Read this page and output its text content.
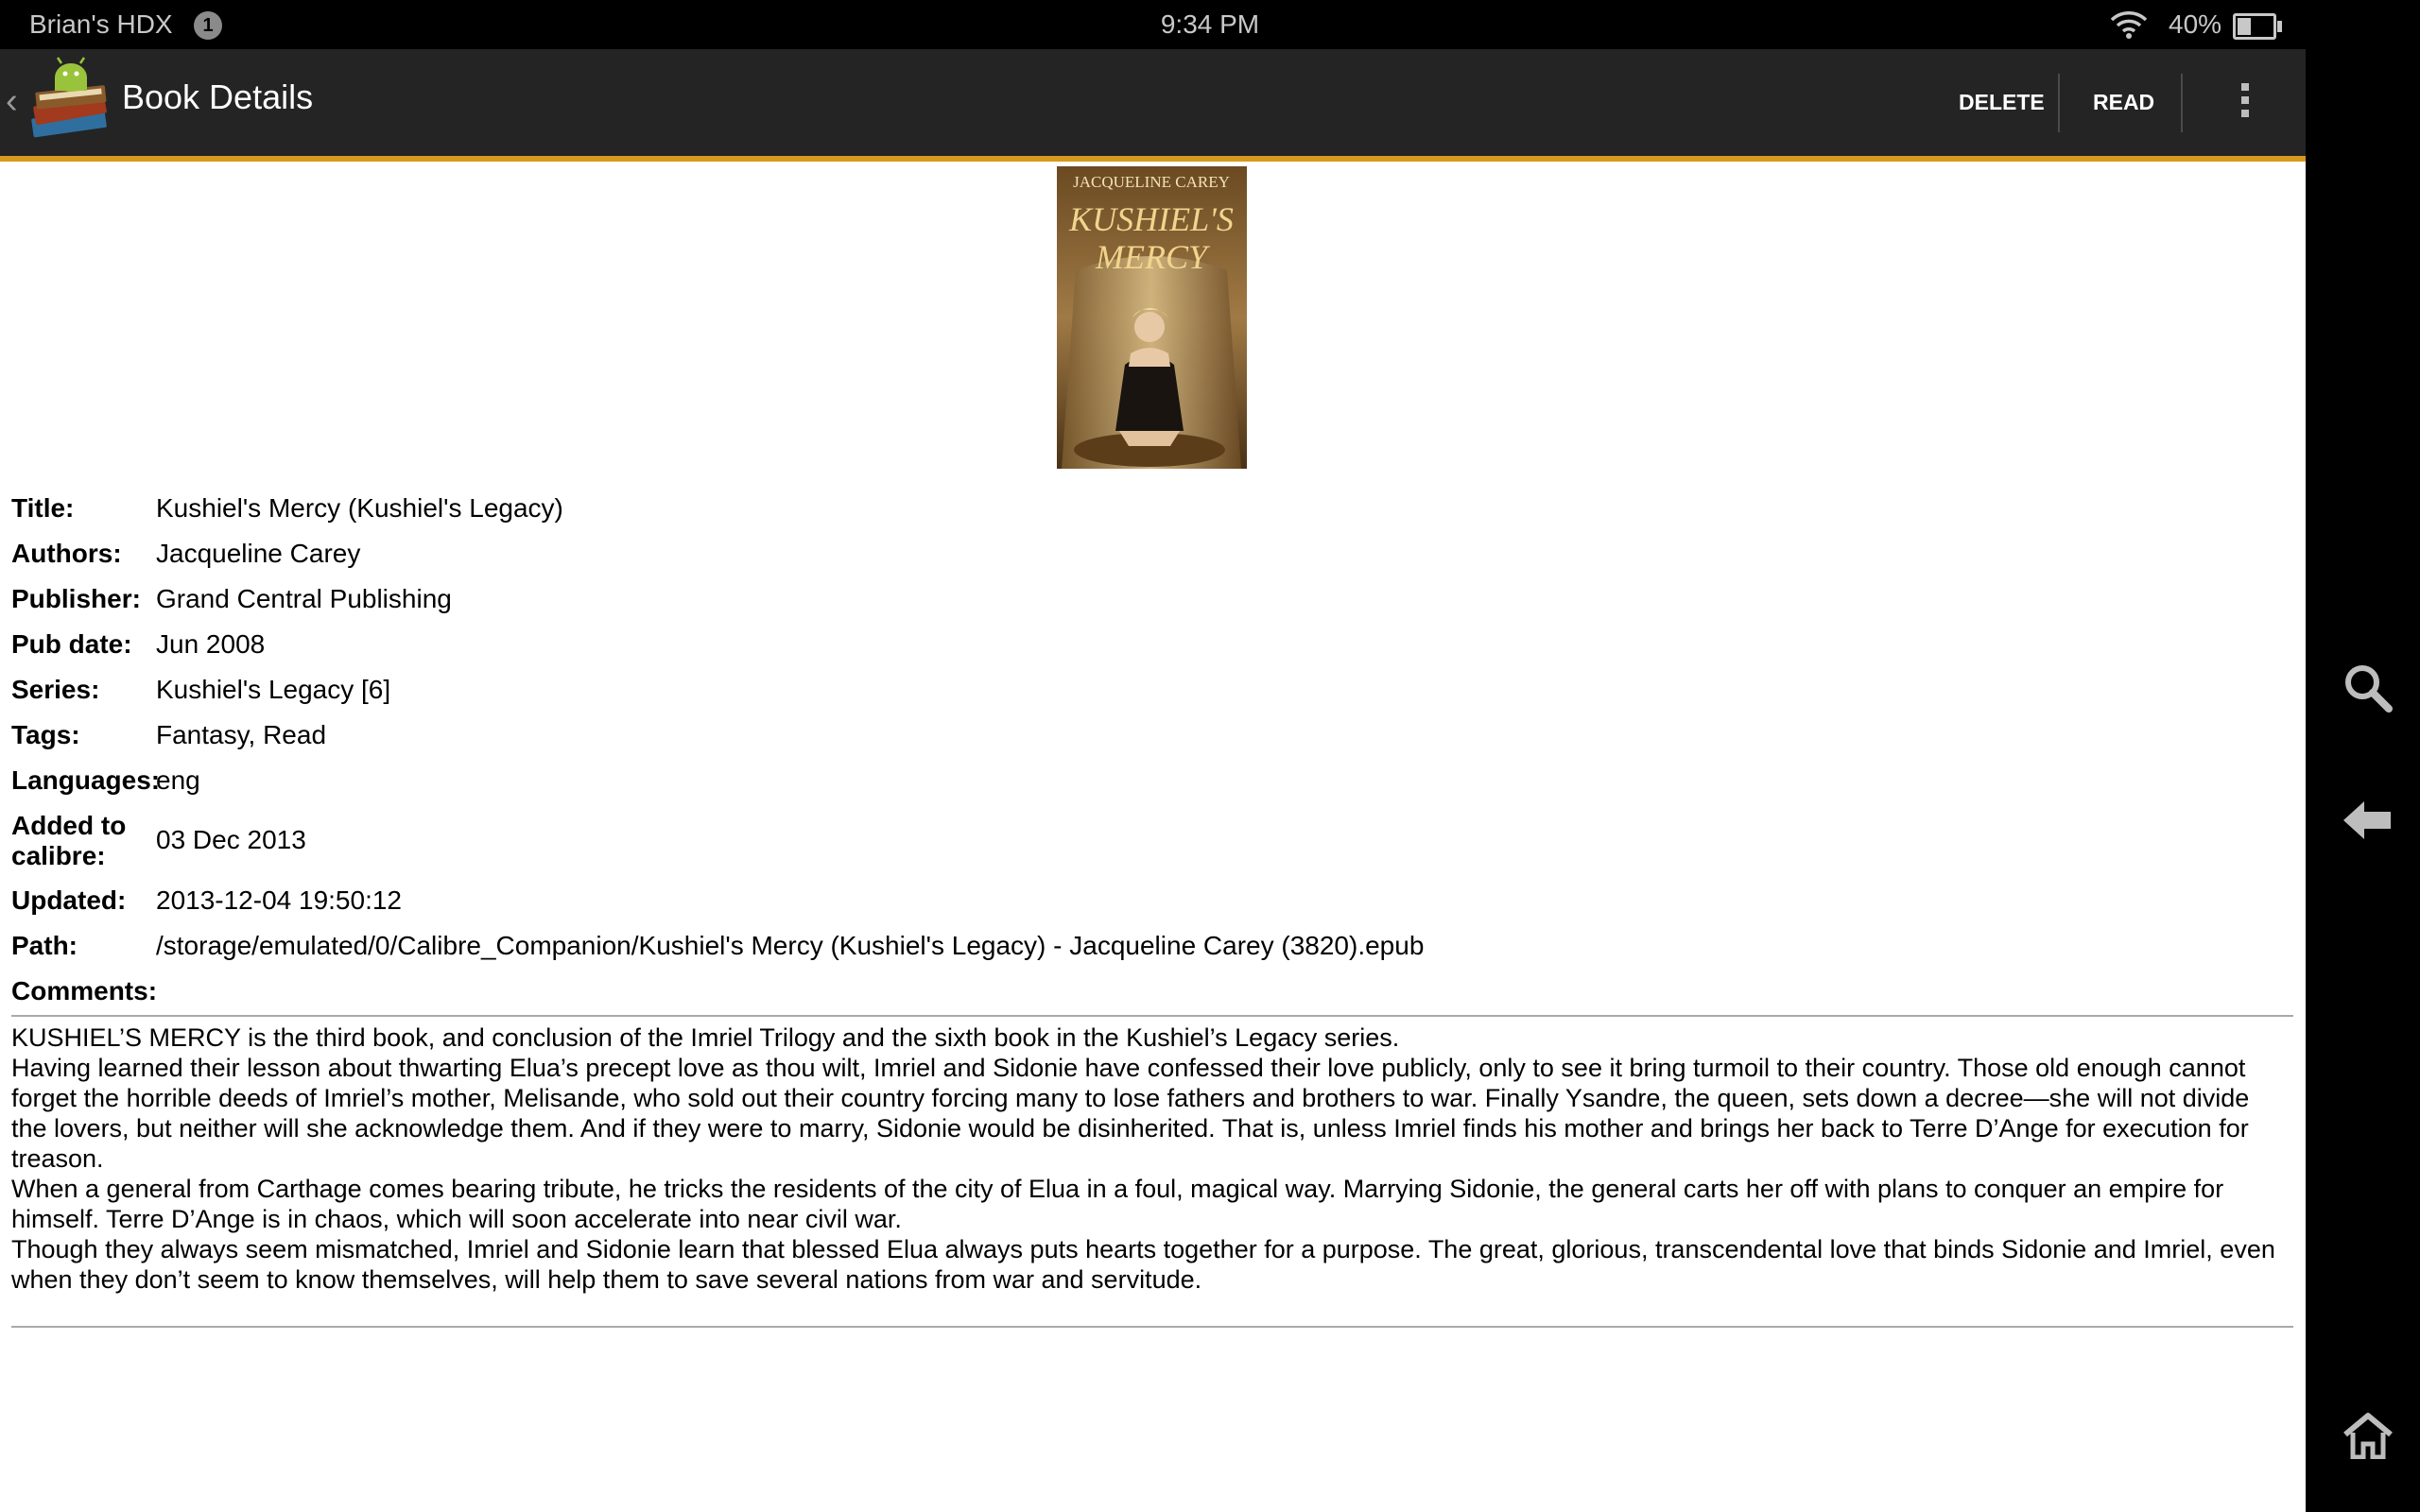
Brian's HDX	1	9:34 PM	40%
‹	Book Details	DELETE READ
JACQUELINE CAREY
KUSHIEL'S
MERCY
Title:	Kushiel's Mercy (Kushiel's Legacy)
Authors:	Jacqueline Carey
Publisher: Grand Central Publishing
Pub date: Jun 2008
Series:	Kushiel's Legacy [6]
Tags:	Fantasy, Read
Languages:
eng
Added to calibre:
03 Dec 2013
Updated:	2013-12-04 19:50:12
Path:	/storage/emulated/0/Calibre_Companion/Kushiel's Mercy (Kushiel's Legacy) - Jacqueline Carey (3820).epub
Comments:

KUSHIEL’S MERCY is the third book, and conclusion of the Imriel Trilogy and the sixth book in the Kushiel’s Legacy series.

Having learned their lesson about thwarting Elua’s precept love as thou wilt, Imriel and Sidonie have confessed their love publicly, only to see it bring turmoil to their country. Those old enough cannot forget the horrible deeds of Imriel’s mother, Melisande, who sold out their country forcing many to lose fathers and brothers to war. Finally Ysandre, the queen, sets down a decree—she will not divide the lovers, but neither will she acknowledge them. And if they were to marry, Sidonie would be disinherited. That is, unless Imriel finds his mother and brings her back to Terre D’Ange for execution for treason.

When a general from Carthage comes bearing tribute, he tricks the residents of the city of Elua in a foul, magical way. Marrying Sidonie, the general carts her off with plans to conquer an empire for himself. Terre D’Ange is in chaos, which will soon accelerate into near civil war.

Though they always seem mismatched, Imriel and Sidonie learn that blessed Elua always puts hearts together for a purpose. The great, glorious, transcendental love that binds Sidonie and Imriel, even when they don’t seem to know themselves, will help them to save several nations from war and servitude.
